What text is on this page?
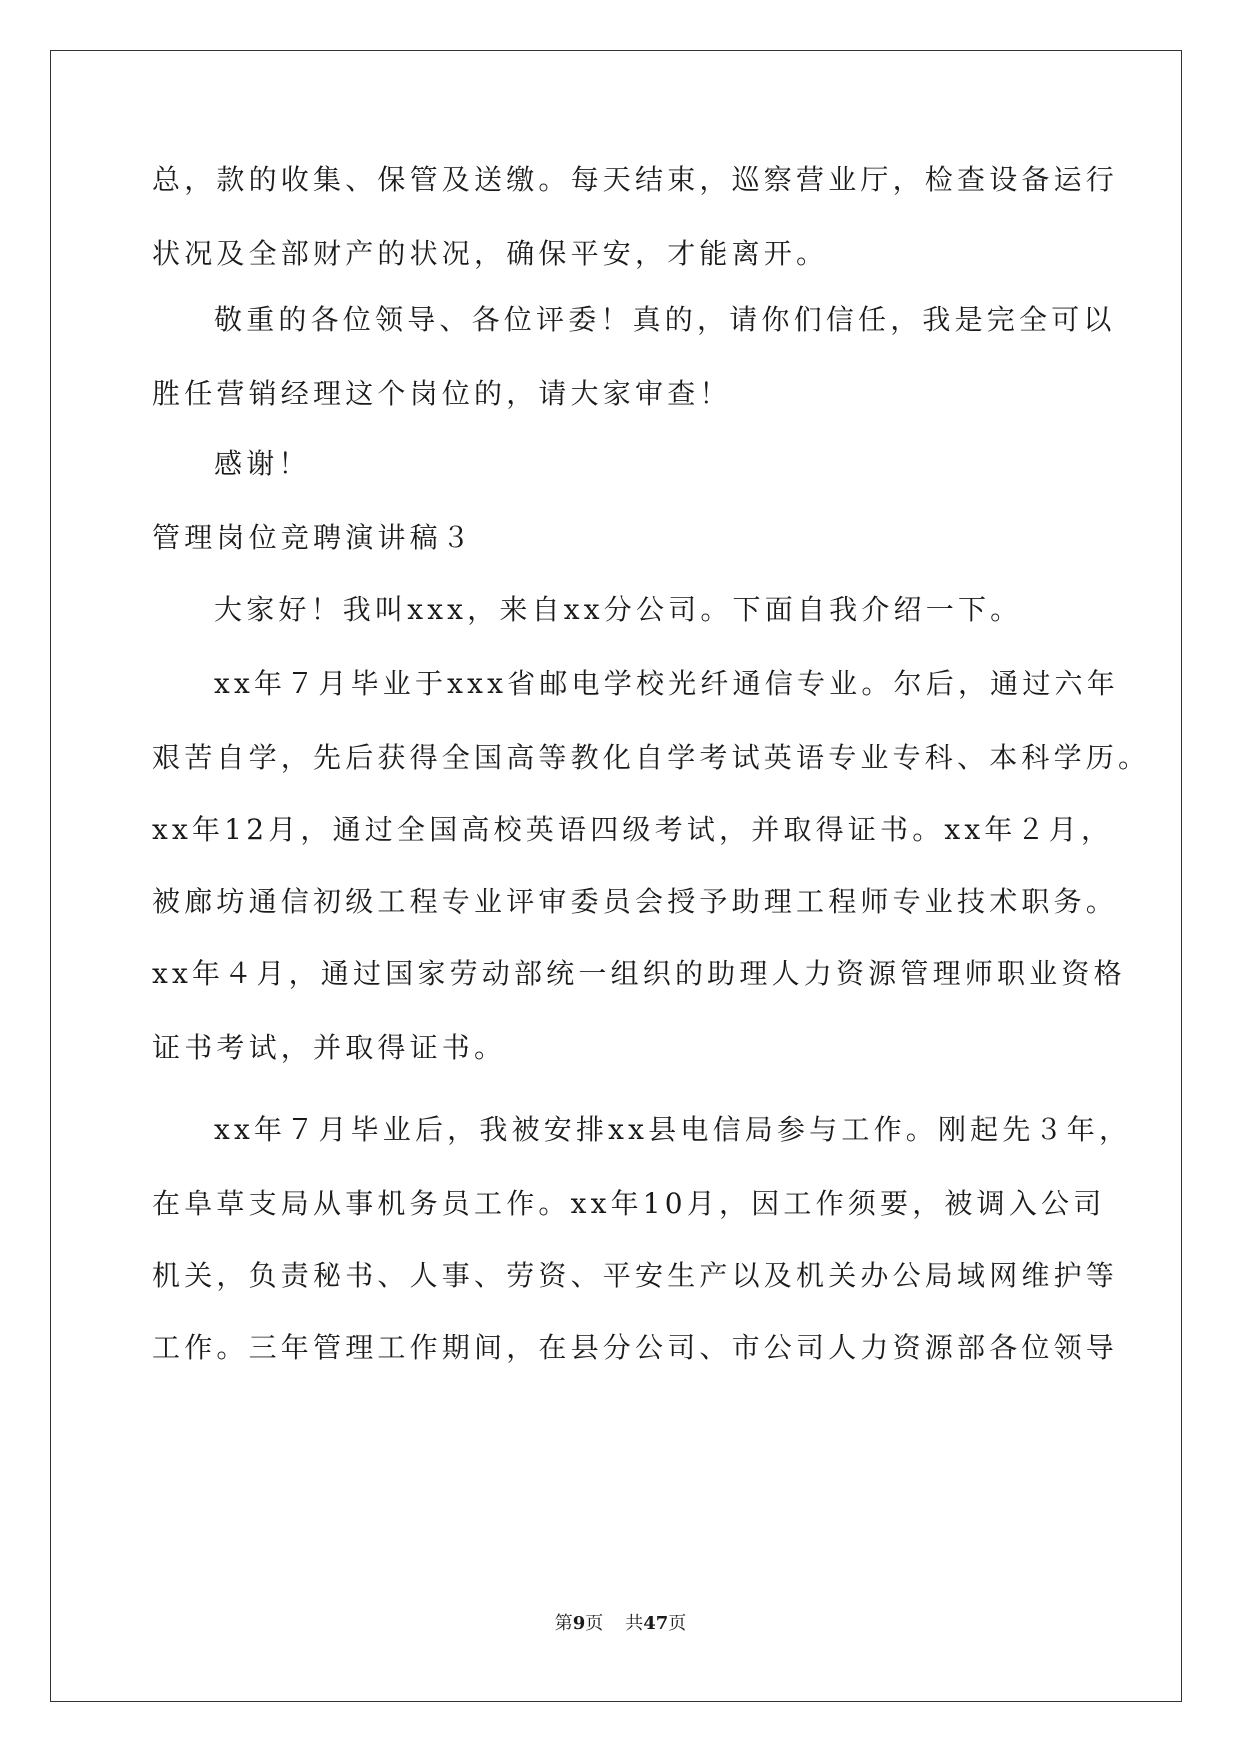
总，款的收集、保管及送缴。每天结束，巡察营业厅，检查设备运行
状况及全部财产的状况，确保平安，才能离开。
敬重的各位领导、各位评委！真的，请你们信任，我是完全可以
胜任营销经理这个岗位的，请大家审查！
感谢！
管理岗位竞聘演讲稿３
大家好！我叫xxx，来自xx分公司。下面自我介绍一下。
xx年７月毕业于xxx省邮电学校光纤通信专业。尔后，通过六年
艰苦自学，先后获得全国高等教化自学考试英语专业专科、本科学历。
xx年12月，通过全国高校英语四级考试，并取得证书。xx年２月，
被廊坊通信初级工程专业评审委员会授予助理工程师专业技术职务。
xx年４月，通过国家劳动部统一组织的助理人力资源管理师职业资格
证书考试，并取得证书。
xx年７月毕业后，我被安排xx县电信局参与工作。刚起先３年，
在阜草支局从事机务员工作。xx年10月，因工作须要，被调入公司
机关，负责秘书、人事、劳资、平安生产以及机关办公局域网维护等
工作。三年管理工作期间，在县分公司、市公司人力资源部各位领导
第9页 共47页
